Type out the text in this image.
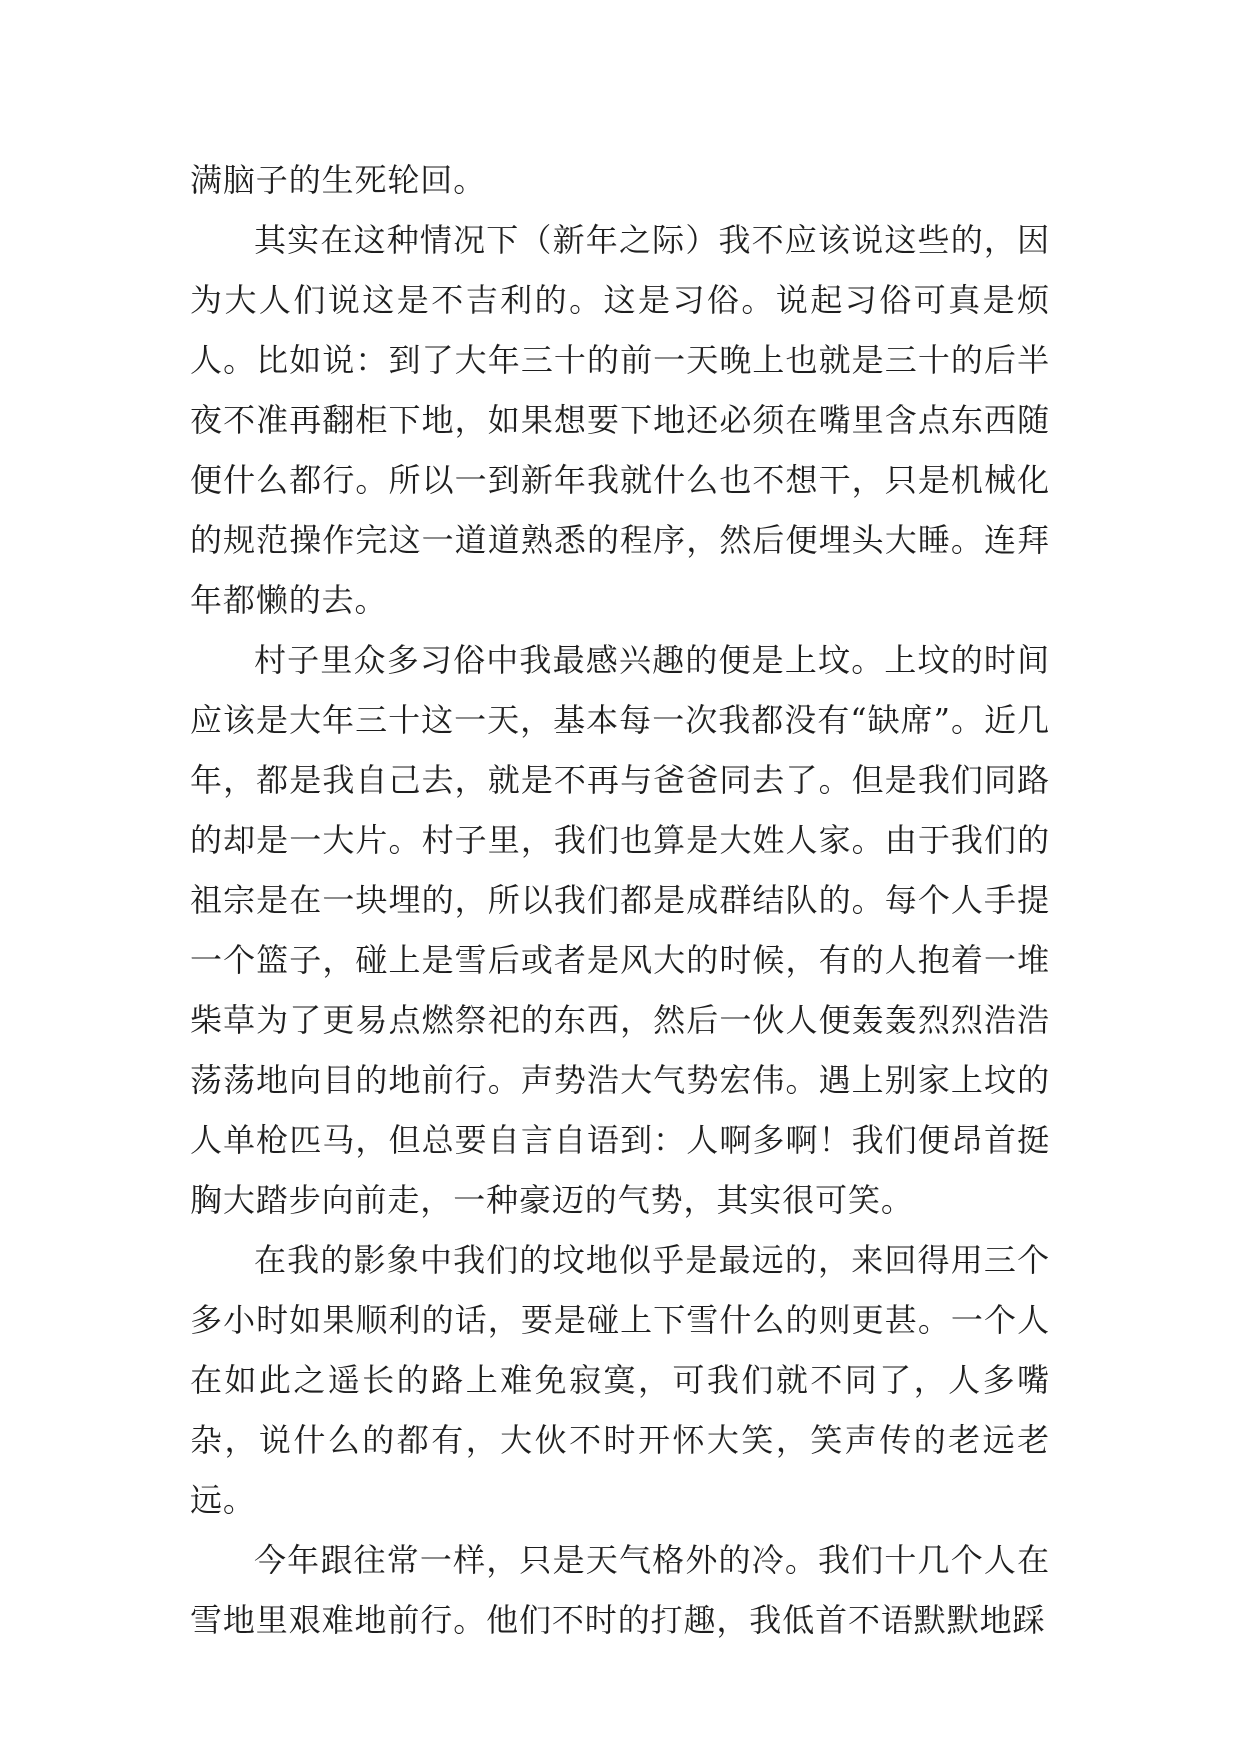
满脑子的生死轮回。

其实在这种情况下（新年之际）我不应该说这些的，因为大人们说这是不吉利的。这是习俗。说起习俗可真是烦人。比如说：到了大年三十的前一天晚上也就是三十的后半夜不准再翻柜下地，如果想要下地还必须在嘴里含点东西随便什么都行。所以一到新年我就什么也不想干，只是机械化的规范操作完这一道道熟悉的程序，然后便埋头大睡。连拜年都懒的去。

村子里众多习俗中我最感兴趣的便是上坟。上坟的时间应该是大年三十这一天，基本每一次我都没有“缺席”。近几年，都是我自己去，就是不再与爸爸同去了。但是我们同路的却是一大片。村子里，我们也算是大姓人家。由于我们的祖宗是在一块埋的，所以我们都是成群结队的。每个人手提一个篮子，碰上是雪后或者是风大的时候，有的人抱着一堆柴草为了更易点燃祭祀的东西，然后一伙人便轰轰烈烈浩浩荡荡地向目的地前行。声势浩大气势宏伟。遇上别家上坟的人单枪匹马，但总要自言自语到：人啊多啊！我们便昂首挺胸大踏步向前走，一种豪迈的气势，其实很可笑。

在我的影象中我们的坟地似乎是最远的，来回得用三个多小时如果顺利的话，要是碰上下雪什么的则更甚。一个人在如此之遥长的路上难免寂寞，可我们就不同了，人多嘴杂，说什么的都有，大伙不时开怀大笑，笑声传的老远老远。

今年跟往常一样，只是天气格外的冷。我们十几个人在雪地里艰难地前行。他们不时的打趣，我低首不语默默地踩
